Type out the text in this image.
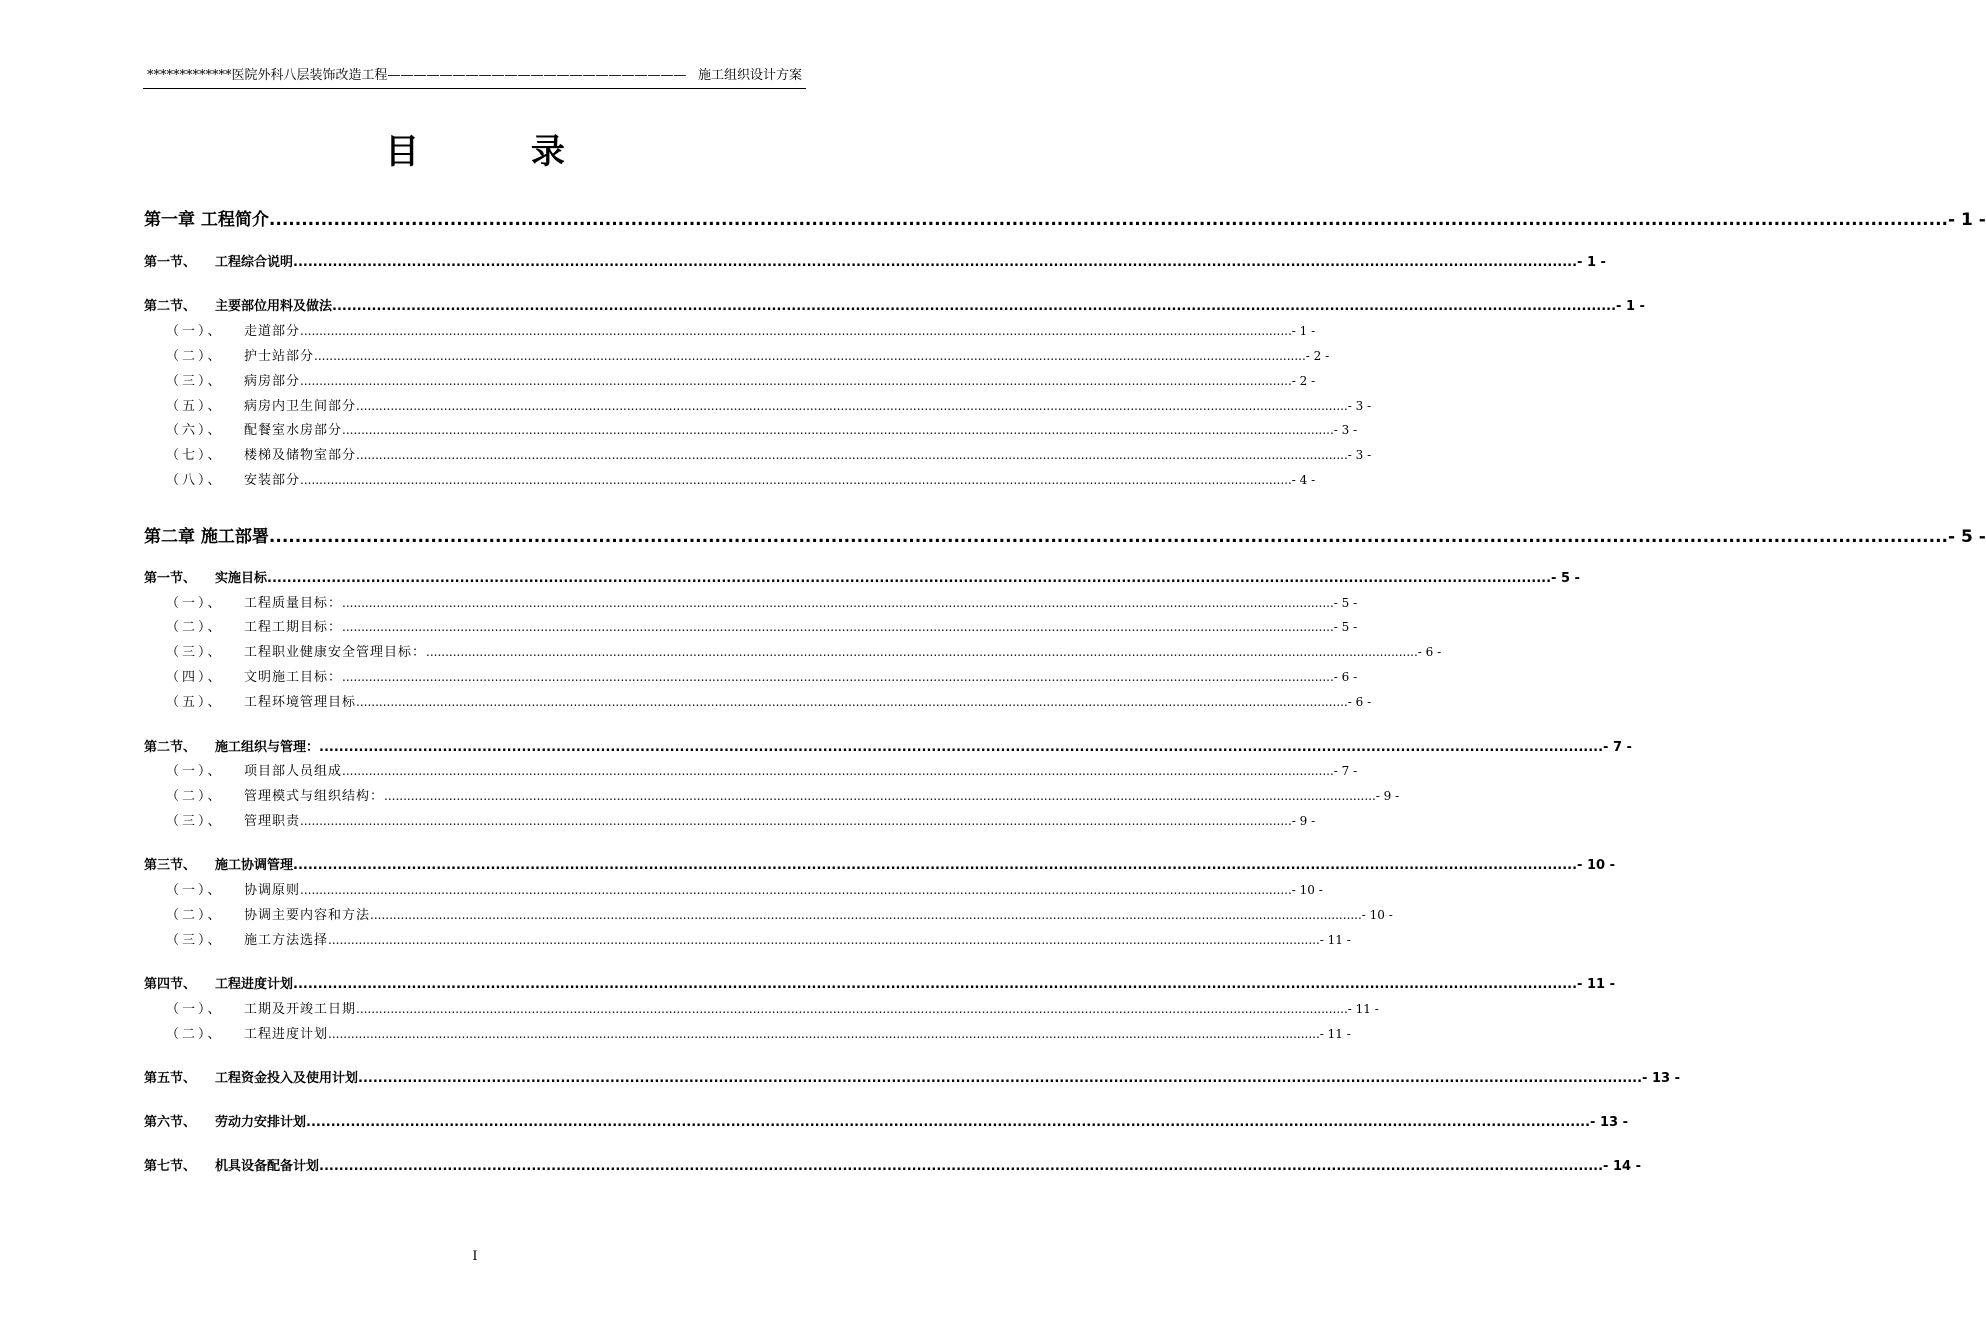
*************医院外科八层装饰改造工程——————————————————————— 施工组织设计方案
目 录
第一章 工程简介 .................................................................................................................................................................................................................................................................... - 1 -
第一节、 工程综合说明 .................................................................................................................................................................................................................................................................... - 1 -
第二节、 主要部位用料及做法 .................................................................................................................................................................................................................................................................... - 1 -
（一）、 走道部分 .................................................................................................................................................................................................................................................................... - 1 -
（二）、 护士站部分 .................................................................................................................................................................................................................................................................... - 2 -
（三）、 病房部分 .................................................................................................................................................................................................................................................................... - 2 -
（五）、 病房内卫生间部分 .................................................................................................................................................................................................................................................................... - 3 -
（六）、 配餐室水房部分 .................................................................................................................................................................................................................................................................... - 3 -
（七）、 楼梯及储物室部分 .................................................................................................................................................................................................................................................................... - 3 -
（八）、 安装部分 .................................................................................................................................................................................................................................................................... - 4 -
第二章 施工部署 .................................................................................................................................................................................................................................................................... - 5 -
第一节、 实施目标 .................................................................................................................................................................................................................................................................... - 5 -
（一）、 工程质量目标： .................................................................................................................................................................................................................................................................... - 5 -
（二）、 工程工期目标： .................................................................................................................................................................................................................................................................... - 5 -
（三）、 工程职业健康安全管理目标： .................................................................................................................................................................................................................................................................... - 6 -
（四）、 文明施工目标： .................................................................................................................................................................................................................................................................... - 6 -
（五）、 工程环境管理目标 .................................................................................................................................................................................................................................................................... - 6 -
第二节、 施工组织与管理： .................................................................................................................................................................................................................................................................... - 7 -
（一）、 项目部人员组成 .................................................................................................................................................................................................................................................................... - 7 -
（二）、 管理模式与组织结构： .................................................................................................................................................................................................................................................................... - 9 -
（三）、 管理职责 .................................................................................................................................................................................................................................................................... - 9 -
第三节、 施工协调管理 .................................................................................................................................................................................................................................................................... - 10 -
（一）、 协调原则 .................................................................................................................................................................................................................................................................... - 10 -
（二）、 协调主要内容和方法 .................................................................................................................................................................................................................................................................... - 10 -
（三）、 施工方法选择 .................................................................................................................................................................................................................................................................... - 11 -
第四节、 工程进度计划 .................................................................................................................................................................................................................................................................... - 11 -
（一）、 工期及开竣工日期 .................................................................................................................................................................................................................................................................... - 11 -
（二）、 工程进度计划 .................................................................................................................................................................................................................................................................... - 11 -
第五节、 工程资金投入及使用计划 .................................................................................................................................................................................................................................................................... - 13 -
第六节、 劳动力安排计划 .................................................................................................................................................................................................................................................................... - 13 -
第七节、 机具设备配备计划 .................................................................................................................................................................................................................................................................... - 14 -
I
